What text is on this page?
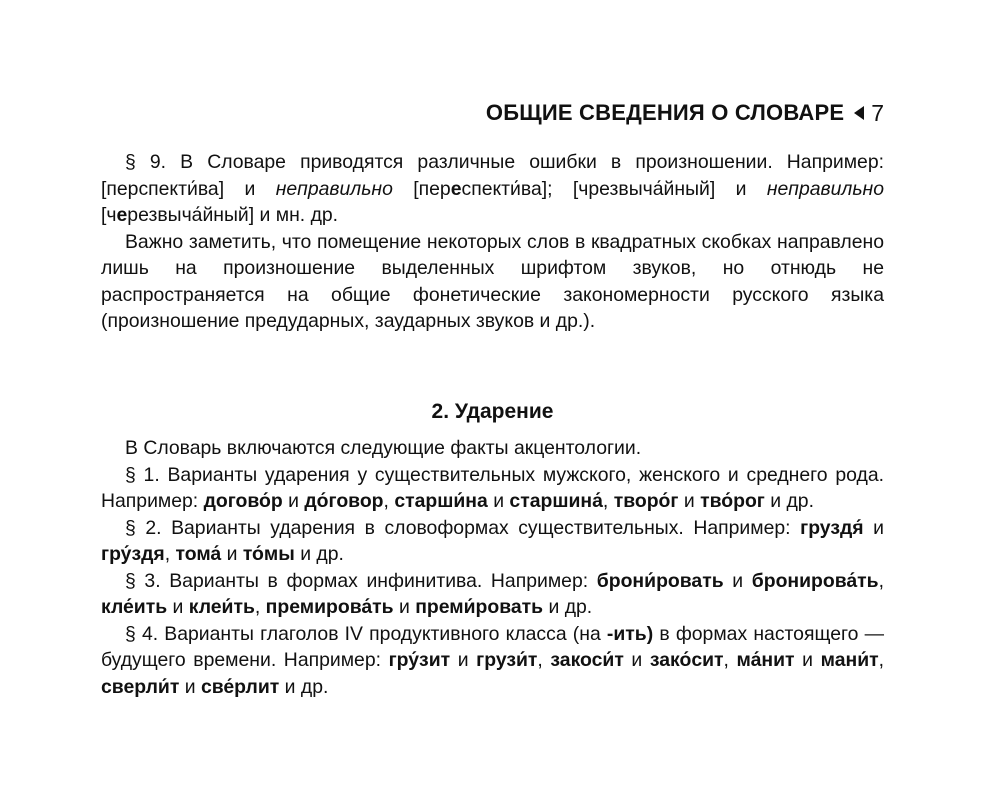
ОБЩИЕ СВЕДЕНИЯ О СЛОВАРЕ 7

§ 9. В Словаре приводятся различные ошибки в произношении. Например: [перспекти́ва] и неправильно [переспекти́ва]; [чрезвыча́йный] и неправильно [черезвыча́йный] и мн. др.

Важно заметить, что помещение некоторых слов в квадратных скобках направлено лишь на произношение выделенных шрифтом звуков, но отнюдь не распространяется на общие фонетические закономерности русского языка (произношение предударных, заударных звуков и др.).

2. Ударение

В Словарь включаются следующие факты акцентологии.

§ 1. Варианты ударения у существительных мужского, женского и среднего рода. Например: догово́р и до́говор, старши́на и старшина́, творо́г и тво́рог и др.

§ 2. Варианты ударения в словоформах существительных. Например: груздя́ и гру́здя, тома́ и то́мы и др.

§ 3. Варианты в формах инфинитива. Например: брони́ровать и бронирова́ть, кле́ить и клеи́ть, премирова́ть и преми́ровать и др.

§ 4. Варианты глаголов IV продуктивного класса (на -ить) в формах настоящего — будущего времени. Например: гру́зит и грузи́т, закоси́т и зако́сит, ма́нит и мани́т, сверли́т и све́рлит и др.
